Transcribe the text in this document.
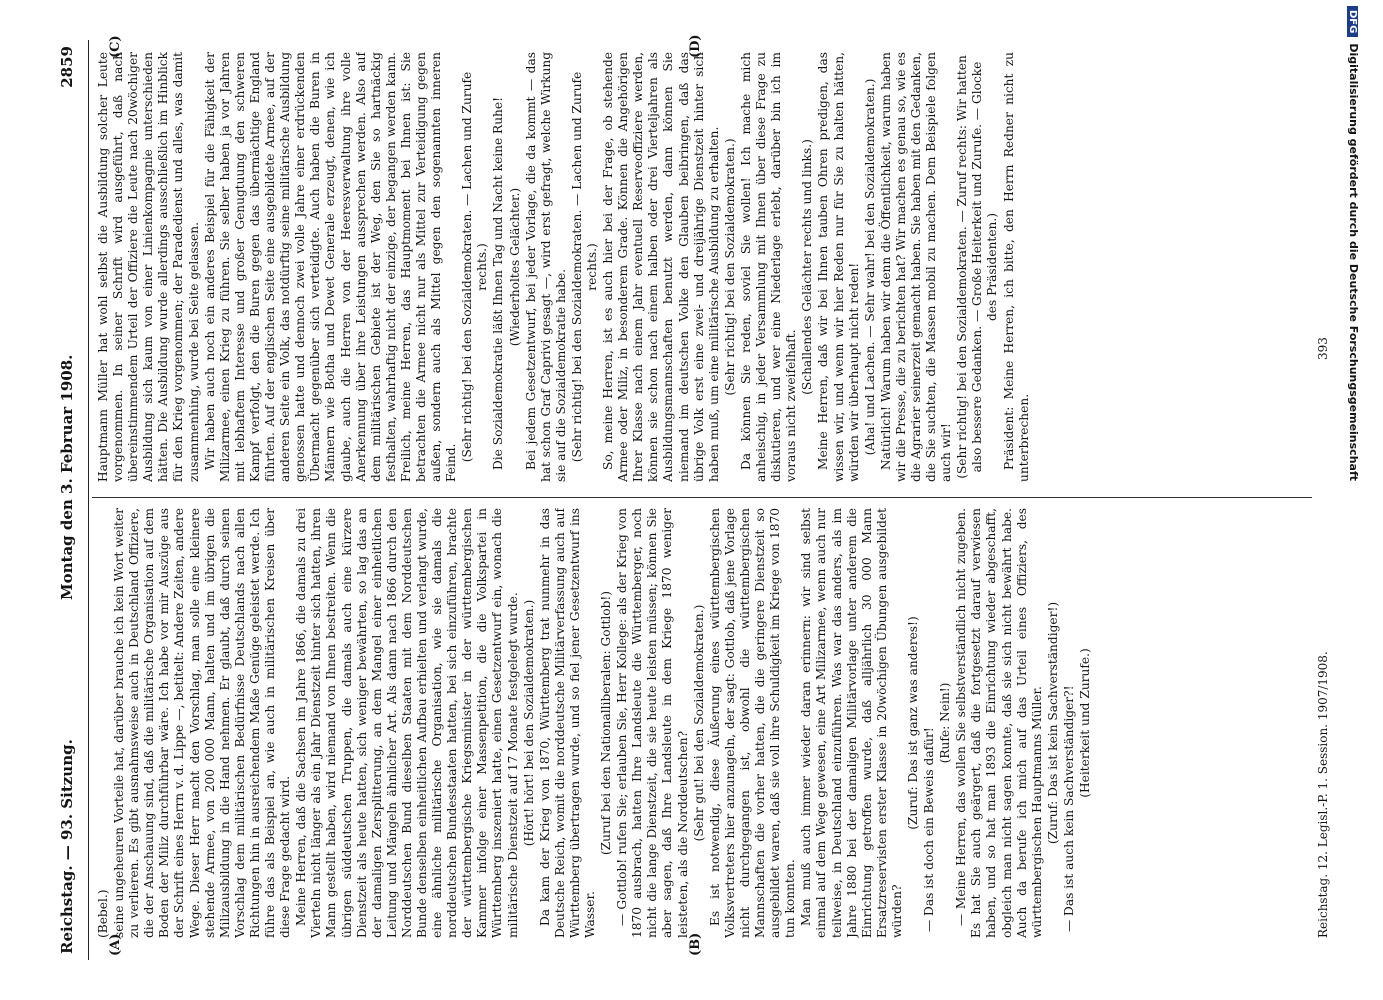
Reichstag. — 93. Sitzung.
Montag den 3. Februar 1908.
2859
(A)	(B)
(C)	(D)

(Bebel.) seine ungeheuren Vorteile hat, darüber brauche ich kein Wort weiter zu verlieren. Es gibt ausnahmsweise auch in Deutschland Offiziere, die der Anschauung sind, daß die militärische Organisation auf dem Boden der Miliz durchführbar wäre. Ich habe vor mir Auszüge aus der Schrift eines Herrn v. d. Lippe —, betitelt: Andere Zeiten, andere Wege. Dieser Herr macht den Vorschlag, man solle eine kleinere stehende Armee, von 200 000 Mann, halten und im übrigen die Milizausbildung in die Hand nehmen. Er glaubt, daß durch seinen Vorschlag dem militärischen Bedürfnisse Deutschlands nach allen Richtungen hin in ausreichendem Maße Genüge geleistet werde. Ich führe das als Beispiel an, wie auch in militärischen Kreisen über diese Frage gedacht wird. Meine Herren, daß die Sachsen im Jahre 1866, die damals zu drei Vierteln nicht länger als ein Jahr Dienstzeit hinter sich hatten, ihren Mann gestellt haben, wird niemand von Ihnen bestreiten. Wenn die übrigen süddeutschen Truppen, die damals auch eine kürzere Dienstzeit als heute hatten, sich weniger bewährten, so lag das an der damaligen Zersplitterung, an dem Mangel einer einheitlichen Leitung und Mängeln ähnlicher Art. Als dann nach 1866 durch den Norddeutschen Bund dieselben Staaten mit dem Norddeutschen Bunde denselben einheitlichen Aufbau erhielten und verlangt wurde, eine ähnliche militärische Organisation, wie sie damals die norddeutschen Bundesstaaten hatten, bei sich einzuführen, brachte der württembergische Kriegsminister in der württembergischen Kammer infolge einer Massenpetition, die die Volkspartei in Württemberg inszeniert hatte, einen Gesetzentwurf ein, wonach die militärische Dienstzeit auf 17 Monate festgelegt wurde. (Hört! hört! bei den Sozialdemokraten.) Da kam der Krieg von 1870, Württemberg trat nunmehr in das Deutsche Reich, womit die norddeutsche Militärverfassung auch auf Württemberg übertragen wurde, und so fiel jener Gesetzentwurf ins Wasser.

(Zuruf bei den Nationalliberalen: Gottlob!) — Gottlob! rufen Sie; erlauben Sie, Herr Kollege: als der Krieg von 1870 ausbrach, hatten Ihre Landsleute die Württemberger, noch nicht die lange Dienstzeit, die sie heute leisten müssen; können Sie aber sagen, daß Ihre Landsleute in dem Kriege 1870 weniger leisteten, als die Norddeutschen? (Sehr gut! bei den Sozialdemokraten.) Es ist notwendig, diese Äußerung eines württembergischen Volksvertreters hier anzunageln, der sagt: Gottlob, daß jene Vorlage nicht durchgegangen ist, obwohl die württembergischen Mannschaften die vorher hatten, die die geringere Dienstzeit so ausgebildet waren, daß sie voll ihre Schuldigkeit im Kriege von 1870 tun konnten. Man muß auch immer wieder daran erinnern: wir sind selbst einmal auf dem Wege gewesen, eine Art Milizarmee, wenn auch nur teilweise, in Deutschland einzuführen. Was war das anders, als im Jahre 1880 bei der damaligen Militärvorlage unter anderem die Einrichtung getroffen wurde, daß alljährlich 30 000 Mann Ersatzreservisten erster Klasse in 20wöchigen Übungen ausgebildet würden?

(Zuruf: Das ist ganz was anderes!) — Das ist doch ein Beweis dafür!

(Rufe: Nein!) — Meine Herren, das wollen Sie selbstverständlich nicht zugeben. Es hat Sie auch geärgert, daß die fortgesetzt darauf verwiesen haben, und so hat man 1893 die Einrichtung wieder abgeschafft, obgleich man nicht sagen konnte, daß sie sich nicht bewährt habe. Auch da berufe ich mich auf das Urteil eines Offiziers, des württembergischen Hauptmanns Müller. (Zuruf: Das ist kein Sachverständiger!) — Das ist auch kein Sachverständiger?! (Heiterkeit und Zurufe.)

Hauptmann Müller hat wohl selbst die Ausbildung solcher Leute vorgenommen. In seiner Schrift wird ausgeführt, daß nach übereinstimmendem Urteil der Offiziere die Leute nach 20wöchiger Ausbildung sich kaum von einer Linienkompagnie unterschieden hätten. Die Ausbildung wurde allerdings ausschließlich im Hinblick für den Krieg vorgenommen; der Paradedienst und alles, was damit zusammenhing, wurde bei Seite gelassen. Wir haben auch noch ein anderes Beispiel für die Fähigkeit der Milizarmee, einen Krieg zu führen. Sie selber haben ja vor Jahren mit lebhaftem Interesse und großer Genugtuung den schweren Kampf verfolgt, den die Buren gegen das übermächtige England führten. Auf der englischen Seite eine ausgebildete Armee, auf der anderen Seite ein Volk, das notdürftig seine militärische Ausbildung genossen hatte und dennoch zwei volle Jahre einer erdrückenden Übermacht gegenüber sich verteidigte. Auch haben die Buren in Männern wie Botha und Dewet Generale erzeugt, denen, wie ich glaube, auch die Herren von der Heeresverwaltung ihre volle Anerkennung über ihre Leistungen aussprechen werden. Also auf dem militärischen Gebiete ist der Weg, den Sie so hartnäckig festhalten, wahrhaftig nicht der einzige, der begangen werden kann. Freilich, meine Herren, das Hauptmoment bei Ihnen ist: Sie betrachten die Armee nicht nur als Mittel zur Verteidigung gegen außen, sondern auch als Mittel gegen den sogenannten inneren Feind.

(Sehr richtig! bei den Sozialdemokraten. — Lachen und Zurufe rechts.) Die Sozialdemokratie läßt Ihnen Tag und Nacht keine Ruhe! (Wiederholtes Gelächter.) Bei jedem Gesetzentwurf, bei jeder Vorlage, die da kommt — das hat schon Graf Caprivi gesagt —, wird erst gefragt, welche Wirkung sie auf die Sozialdemokratie habe. (Sehr richtig! bei den Sozialdemokraten. — Lachen und Zurufe rechts.) So, meine Herren, ist es auch hier bei der Frage, ob stehende Armee oder Miliz, in besonderem Grade. Können die Angehörigen Ihrer Klasse nach einem Jahr eventuell Reserveoffiziere werden, können sie schon nach einem halben oder drei Vierteljahren als Ausbildungsmannschaften benutzt werden, dann können Sie niemand im deutschen Volke den Glauben beibringen, daß das übrige Volk erst eine zwei- und dreijährige Dienstzeit hinter sich haben muß, um eine militärische Ausbildung zu erhalten. (Sehr richtig! bei den Sozialdemokraten.) Da können Sie reden, soviel Sie wollen! Ich mache mich anheischig, in jeder Versammlung mit Ihnen über diese Frage zu diskutieren, und wer eine Niederlage erlebt, darüber bin ich im voraus nicht zweifelhaft.

(Schallendes Gelächter rechts und links.) Meine Herren, daß wir bei Ihnen tauben Ohren predigen, das wissen wir, und wenn wir hier Reden nur für Sie zu halten hätten, würden wir überhaupt nicht reden! (Aha! und Lachen. — Sehr wahr! bei den Sozialdemokraten.) Natürlich! Warum haben wir denn die Öffentlichkeit, warum haben wir die Presse, die zu berichten hat? Wir machen es genau so, wie es die Agrarier seinerzeit gemacht haben. Sie haben mit den Gedanken, die Sie suchten, die Massen mobil zu machen. Dem Beispiele folgen auch wir! (Sehr richtig! bei den Sozialdemokraten. — Zuruf rechts: Wir hatten also bessere Gedanken. — Große Heiterkeit und Zurufe. — Glocke des Präsidenten.) Präsident: Meine Herren, ich bitte, den Herrn Redner nicht zu unterbrechen.

Reichstag. 12. Legisl.-P. 1. Session. 1907/1908.
393
DFGDigitalisierung gefördert durch die Deutsche Forschungsgemeinschaft
